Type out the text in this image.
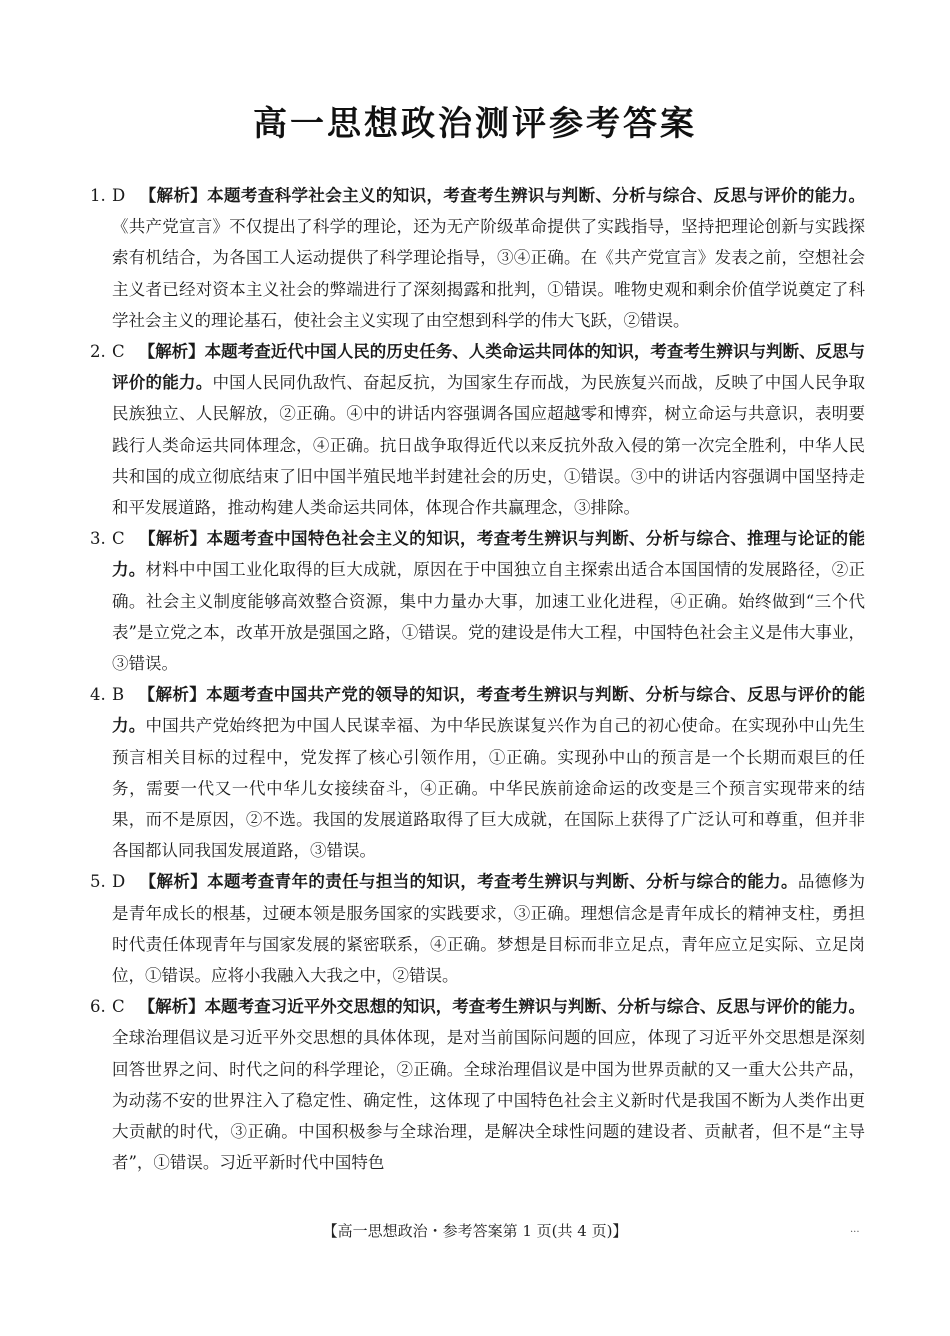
高一思想政治测评参考答案
1. D 【解析】本题考查科学社会主义的知识，考查考生辨识与判断、分析与综合、反思与评价的能力。《共产党宣言》不仅提出了科学的理论，还为无产阶级革命提供了实践指导，坚持把理论创新与实践探索有机结合，为各国工人运动提供了科学理论指导，③④正确。在《共产党宣言》发表之前，空想社会主义者已经对资本主义社会的弊端进行了深刻揭露和批判，①错误。唯物史观和剩余价值学说奠定了科学社会主义的理论基石，使社会主义实现了由空想到科学的伟大飞跃，②错误。
2. C 【解析】本题考查近代中国人民的历史任务、人类命运共同体的知识，考查考生辨识与判断、反思与评价的能力。中国人民同仇敌忾、奋起反抗，为国家生存而战，为民族复兴而战，反映了中国人民争取民族独立、人民解放，②正确。④中的讲话内容强调各国应超越零和博弈，树立命运与共意识，表明要践行人类命运共同体理念，④正确。抗日战争取得近代以来反抗外敌入侵的第一次完全胜利，中华人民共和国的成立彻底结束了旧中国半殖民地半封建社会的历史，①错误。③中的讲话内容强调中国坚持走和平发展道路，推动构建人类命运共同体，体现合作共赢理念，③排除。
3. C 【解析】本题考查中国特色社会主义的知识，考查考生辨识与判断、分析与综合、推理与论证的能力。材料中中国工业化取得的巨大成就，原因在于中国独立自主探索出适合本国国情的发展路径，②正确。社会主义制度能够高效整合资源，集中力量办大事，加速工业化进程，④正确。始终做到“三个代表”是立党之本，改革开放是强国之路，①错误。党的建设是伟大工程，中国特色社会主义是伟大事业，③错误。
4. B 【解析】本题考查中国共产党的领导的知识，考查考生辨识与判断、分析与综合、反思与评价的能力。中国共产党始终把为中国人民谋幸福、为中华民族谋复兴作为自己的初心使命。在实现孙中山先生预言相关目标的过程中，党发挥了核心引领作用，①正确。实现孙中山的预言是一个长期而艰巨的任务，需要一代又一代中华儿女接续奋斗，④正确。中华民族前途命运的改变是三个预言实现带来的结果，而不是原因，②不选。我国的发展道路取得了巨大成就，在国际上获得了广泛认可和尊重，但并非各国都认同我国发展道路，③错误。
5. D 【解析】本题考查青年的责任与担当的知识，考查考生辨识与判断、分析与综合的能力。品德修为是青年成长的根基，过硬本领是服务国家的实践要求，③正确。理想信念是青年成长的精神支柱，勇担时代责任体现青年与国家发展的紧密联系，④正确。梦想是目标而非立足点，青年应立足实际、立足岗位，①错误。应将小我融入大我之中，②错误。
6. C 【解析】本题考查习近平外交思想的知识，考查考生辨识与判断、分析与综合、反思与评价的能力。全球治理倡议是习近平外交思想的具体体现，是对当前国际问题的回应，体现了习近平外交思想是深刻回答世界之问、时代之问的科学理论，②正确。全球治理倡议是中国为世界贡献的又一重大公共产品，为动荡不安的世界注入了稳定性、确定性，这体现了中国特色社会主义新时代是我国不断为人类作出更大贡献的时代，③正确。中国积极参与全球治理，是解决全球性问题的建设者、贡献者，但不是“主导者”，①错误。习近平新时代中国特色
【高一思想政治・参考答案第 1 页(共 4 页)】	...
